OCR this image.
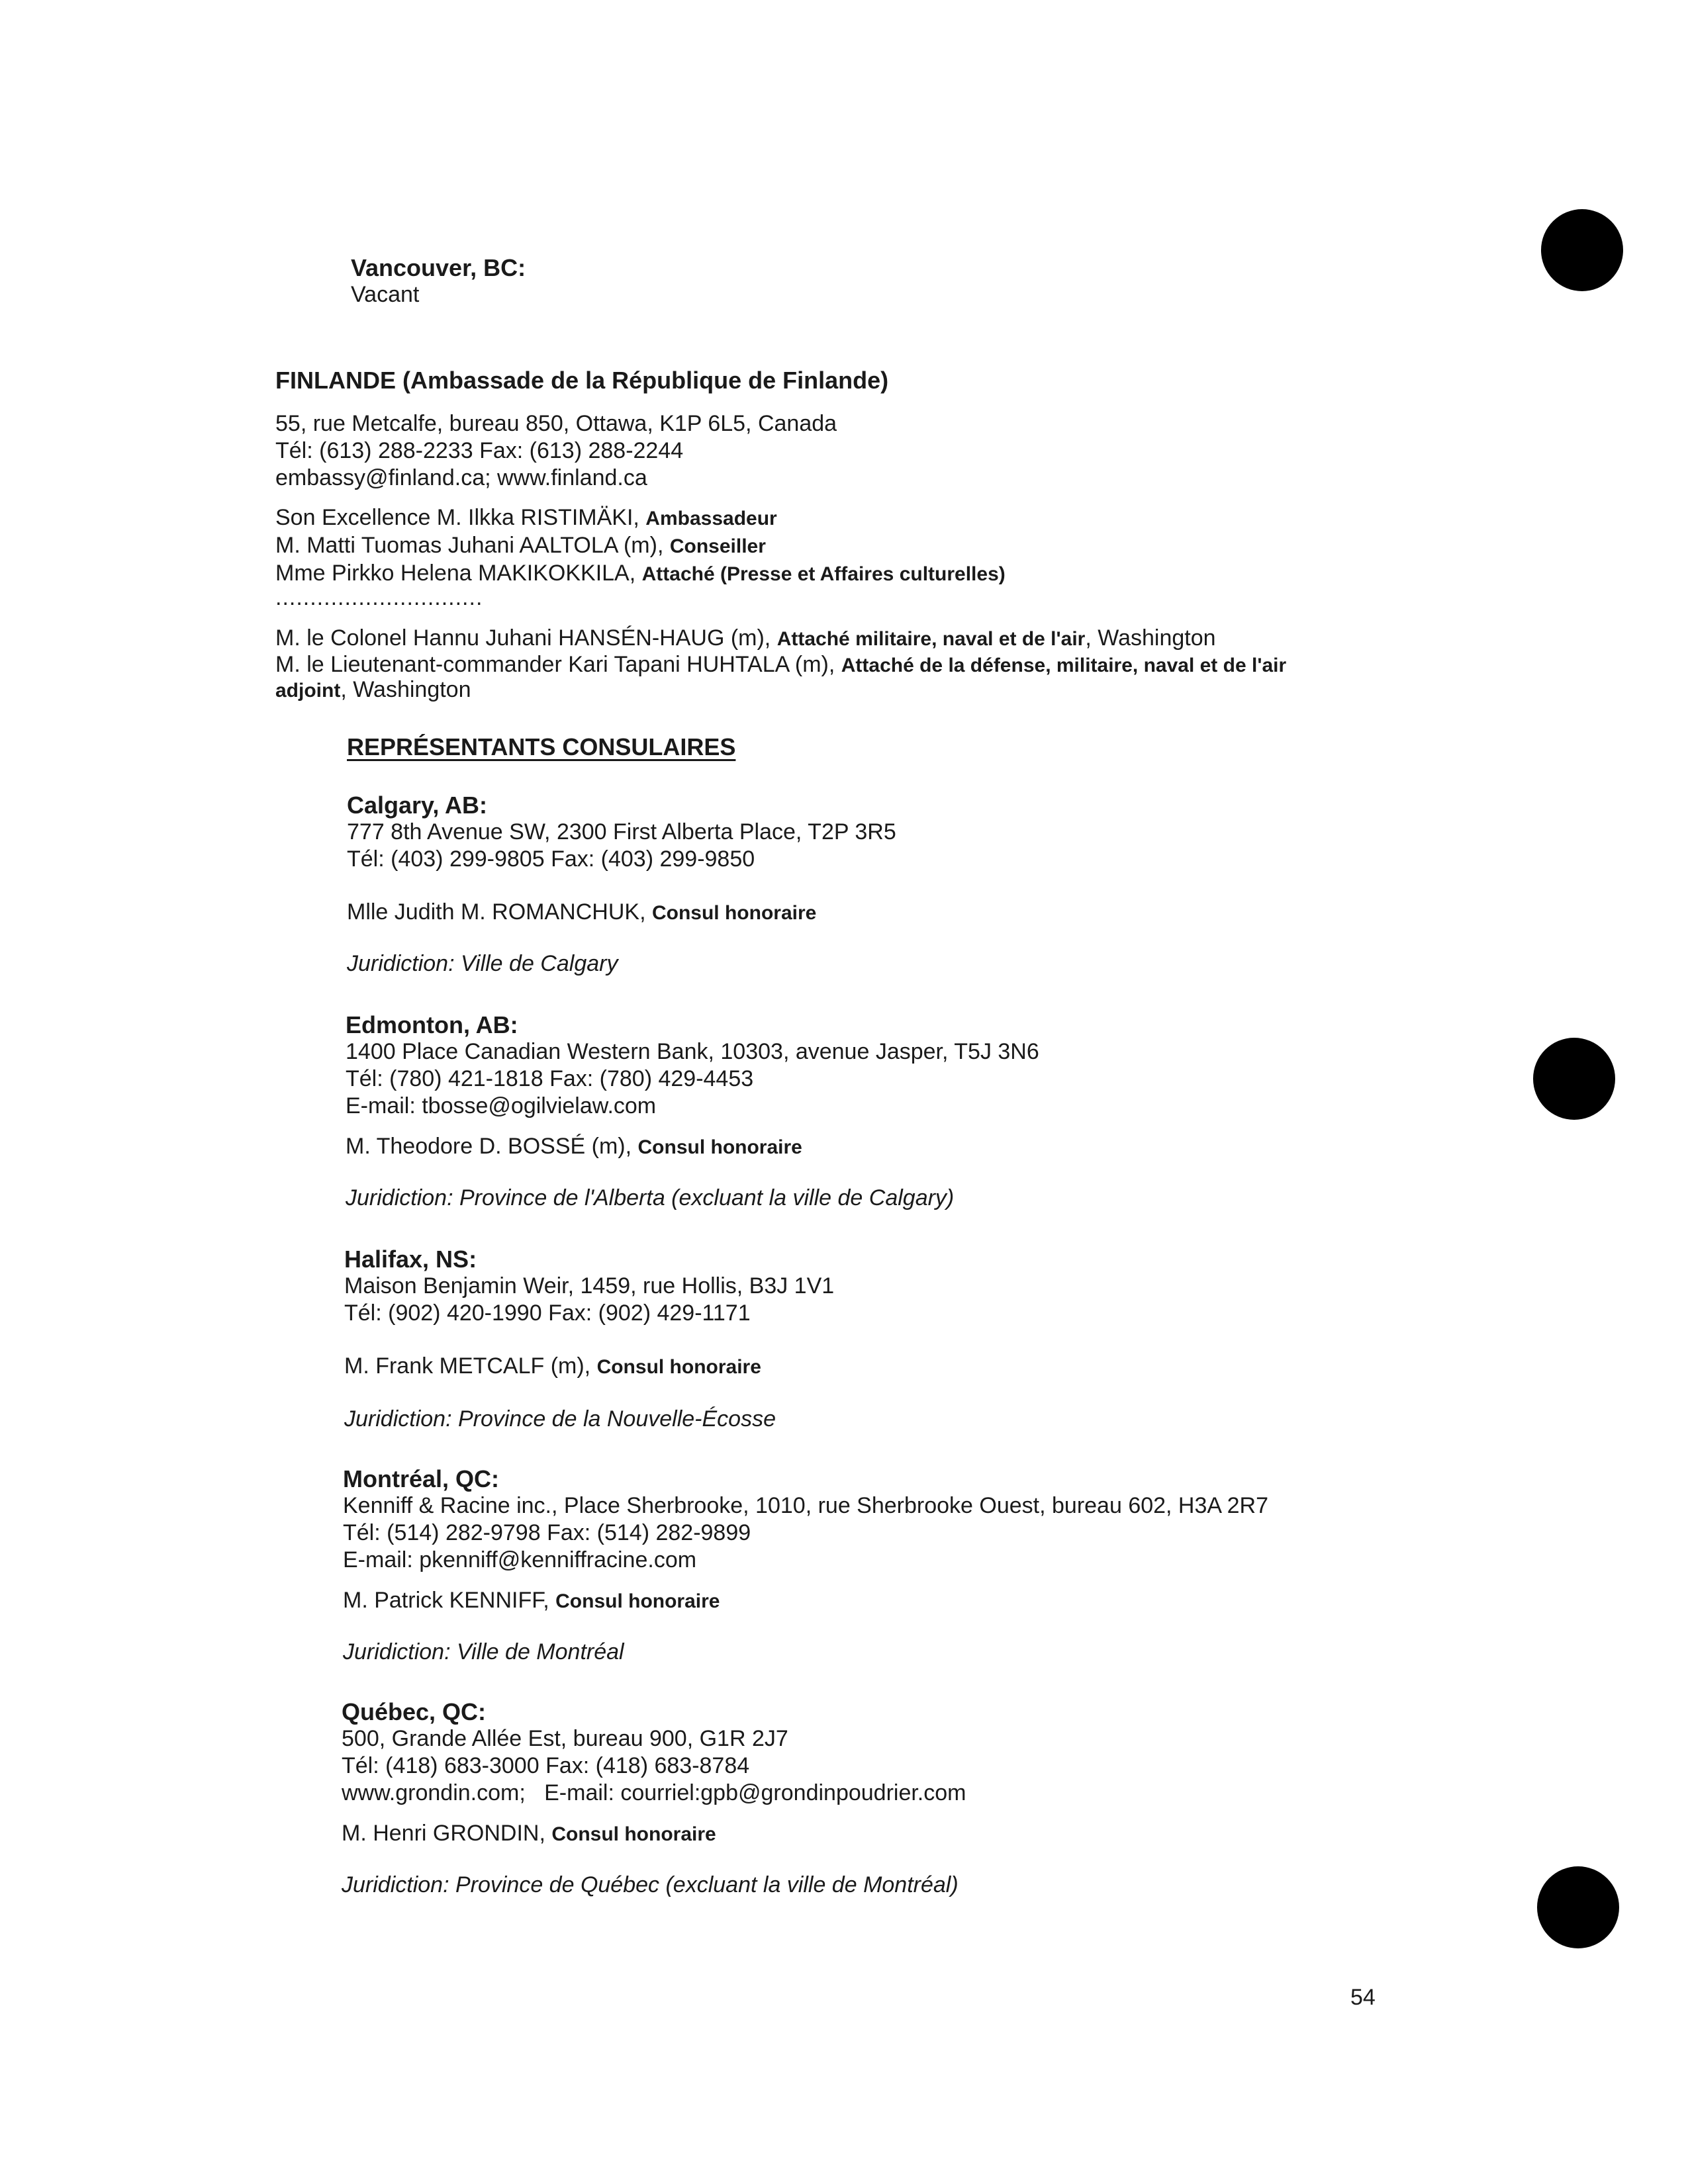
Vancouver, BC:
Vacant
FINLANDE (Ambassade de la République de Finlande)
55, rue Metcalfe, bureau 850, Ottawa, K1P 6L5, Canada
Tél: (613) 288-2233 Fax: (613) 288-2244
embassy@finland.ca; www.finland.ca
Son Excellence M. Ilkka RISTIMÄKI, Ambassadeur
M. Matti Tuomas Juhani AALTOLA (m), Conseiller
Mme Pirkko Helena MAKIKOKKILA, Attaché (Presse et Affaires culturelles)
..............................
M. le Colonel Hannu Juhani HANSÉN-HAUG (m), Attaché militaire, naval et de l'air, Washington
M. le Lieutenant-commander Kari Tapani HUHTALA (m), Attaché de la défense, militaire, naval et de l'air
adjoint, Washington
REPRÉSENTANTS CONSULAIRES
Calgary, AB:
777 8th Avenue SW, 2300 First Alberta Place, T2P 3R5
Tél: (403) 299-9805 Fax: (403) 299-9850
Mlle Judith M. ROMANCHUK, Consul honoraire
Juridiction: Ville de Calgary
Edmonton, AB:
1400 Place Canadian Western Bank, 10303, avenue Jasper, T5J 3N6
Tél: (780) 421-1818 Fax: (780) 429-4453
E-mail: tbosse@ogilvielaw.com
M. Theodore D. BOSSÉ (m), Consul honoraire
Juridiction: Province de l'Alberta (excluant la ville de Calgary)
Halifax, NS:
Maison Benjamin Weir, 1459, rue Hollis, B3J 1V1
Tél: (902) 420-1990 Fax: (902) 429-1171
M. Frank METCALF (m), Consul honoraire
Juridiction: Province de la Nouvelle-Écosse
Montréal, QC:
Kenniff & Racine inc., Place Sherbrooke, 1010, rue Sherbrooke Ouest, bureau 602, H3A 2R7
Tél: (514) 282-9798 Fax: (514) 282-9899
E-mail: pkenniff@kenniffracine.com
M. Patrick KENNIFF, Consul honoraire
Juridiction: Ville de Montréal
Québec, QC:
500, Grande Allée Est, bureau 900, G1R 2J7
Tél: (418) 683-3000 Fax: (418) 683-8784
www.grondin.com;   E-mail: courriel:gpb@grondinpoudrier.com
M. Henri GRONDIN, Consul honoraire
Juridiction: Province de Québec (excluant la ville de Montréal)
54
